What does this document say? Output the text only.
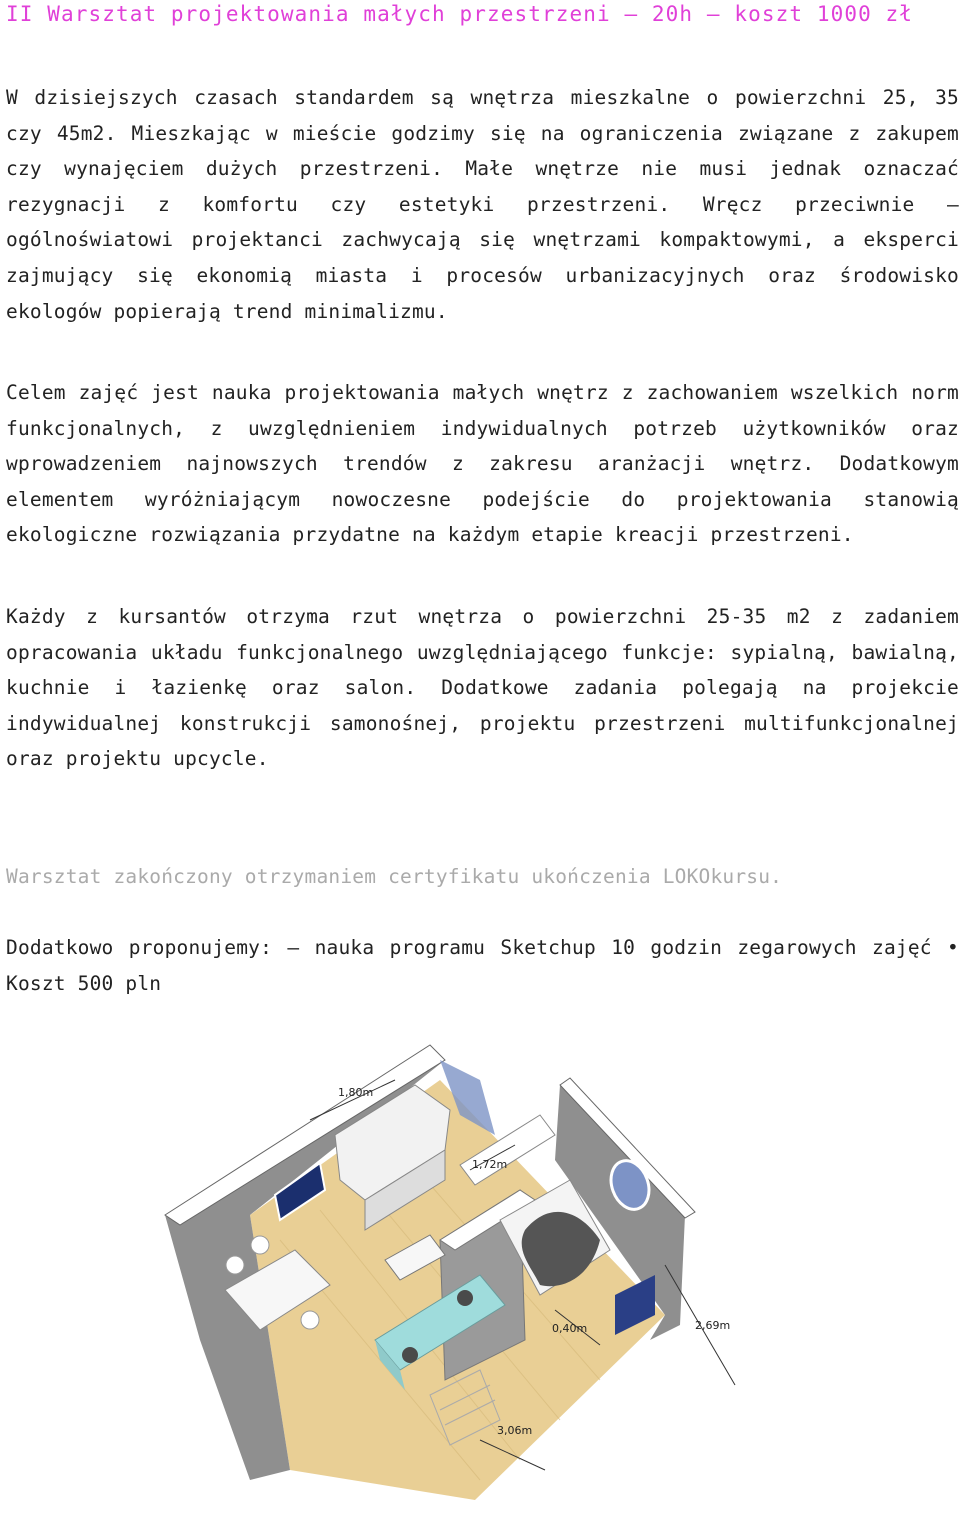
II Warsztat projektowania małych przestrzeni – 20h – koszt 1000 zł

W dzisiejszych czasach standardem są wnętrza mieszkalne o powierzchni 25, 35 czy 45m2. Mieszkając w mieście godzimy się na ograniczenia związane z zakupem czy wynajęciem dużych przestrzeni. Małe wnętrze nie musi jednak oznaczać rezygnacji z komfortu czy estetyki przestrzeni. Wręcz przeciwnie – ogólnoświatowi projektanci zachwycają się wnętrzami kompaktowymi, a eksperci zajmujący się ekonomią miasta i procesów urbanizacyjnych oraz środowisko ekologów popierają trend minimalizmu.

Celem zajęć jest nauka projektowania małych wnętrz z zachowaniem wszelkich norm funkcjonalnych, z uwzględnieniem indywidualnych potrzeb użytkowników oraz wprowadzeniem najnowszych trendów z zakresu aranżacji wnętrz. Dodatkowym elementem wyróżniającym nowoczesne podejście do projektowania stanowią ekologiczne rozwiązania przydatne na każdym etapie kreacji przestrzeni.

Każdy z kursantów otrzyma rzut wnętrza o powierzchni 25-35 m2 z zadaniem opracowania układu funkcjonalnego uwzględniającego funkcje: sypialną, bawialną, kuchnie i łazienkę oraz salon. Dodatkowe zadania polegają na projekcie indywidualnej konstrukcji samonośnej, projektu przestrzeni multifunkcjonalnej oraz projektu upcycle.

Warsztat zakończony otrzymaniem certyfikatu ukończenia LOKOkursu.

Dodatkowo proponujemy: – nauka programu Sketchup 10 godzin zegarowych zajęć • Koszt 500 pln

1,80m
1,72m
0,40m	2,69m
3,06m
